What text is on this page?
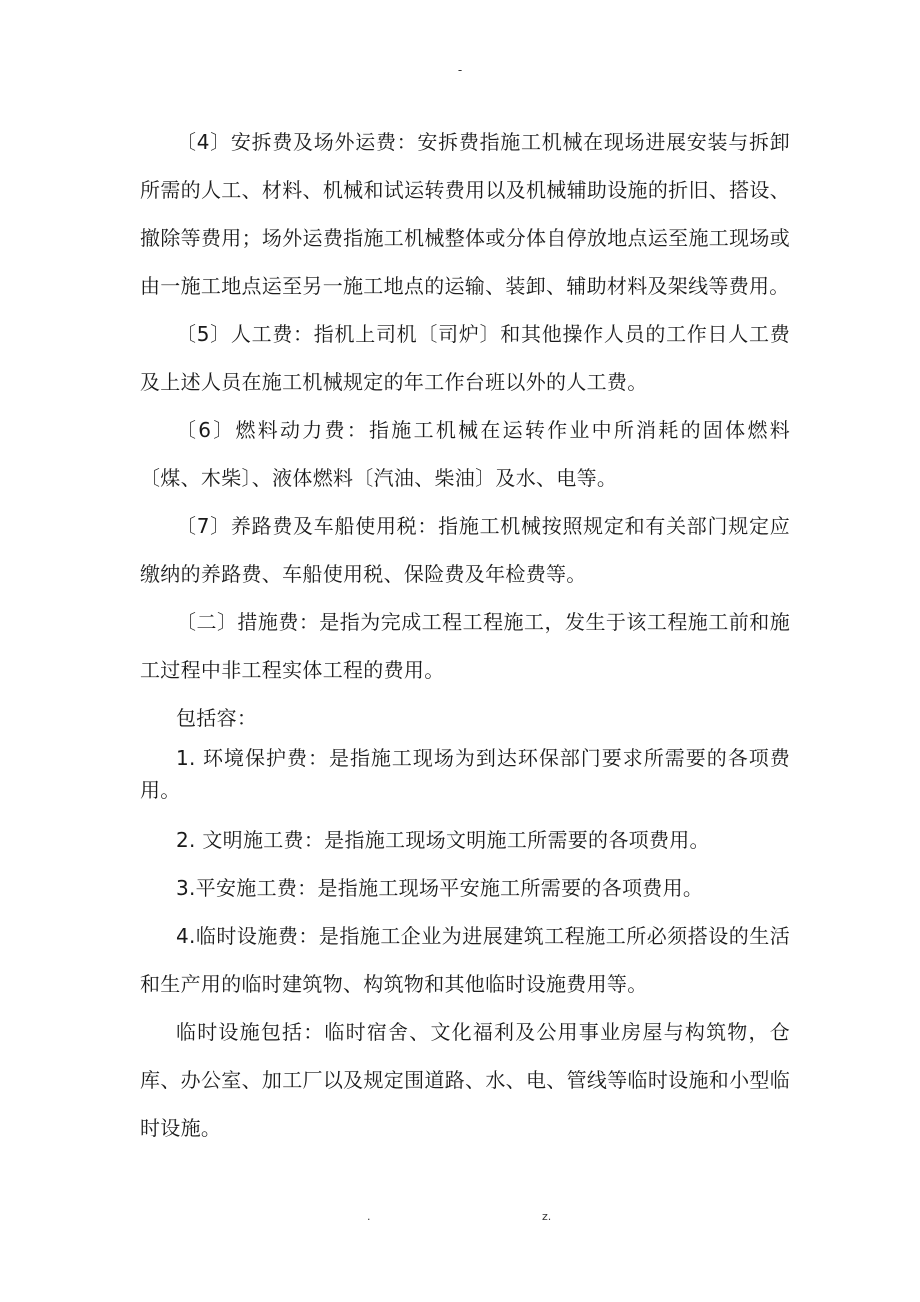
-

〔4〕安拆费及场外运费：安拆费指施工机械在现场进展安装与拆卸所需的人工、材料、机械和试运转费用以及机械辅助设施的折旧、搭设、撤除等费用；场外运费指施工机械整体或分体自停放地点运至施工现场或由一施工地点运至另一施工地点的运输、装卸、辅助材料及架线等费用。

〔5〕人工费：指机上司机〔司炉〕和其他操作人员的工作日人工费及上述人员在施工机械规定的年工作台班以外的人工费。

〔6〕燃料动力费：指施工机械在运转作业中所消耗的固体燃料〔煤、木柴〕、液体燃料〔汽油、柴油〕及水、电等。

〔7〕养路费及车船使用税：指施工机械按照规定和有关部门规定应缴纳的养路费、车船使用税、保险费及年检费等。

〔二〕措施费：是指为完成工程工程施工，发生于该工程施工前和施工过程中非工程实体工程的费用。

包括容：

1. 环境保护费：是指施工现场为到达环保部门要求所需要的各项费用。

2. 文明施工费：是指施工现场文明施工所需要的各项费用。

3.平安施工费：是指施工现场平安施工所需要的各项费用。

4.临时设施费：是指施工企业为进展建筑工程施工所必须搭设的生活和生产用的临时建筑物、构筑物和其他临时设施费用等。

临时设施包括：临时宿舍、文化福利及公用事业房屋与构筑物，仓库、办公室、加工厂以及规定围道路、水、电、管线等临时设施和小型临时设施。

.	z.
